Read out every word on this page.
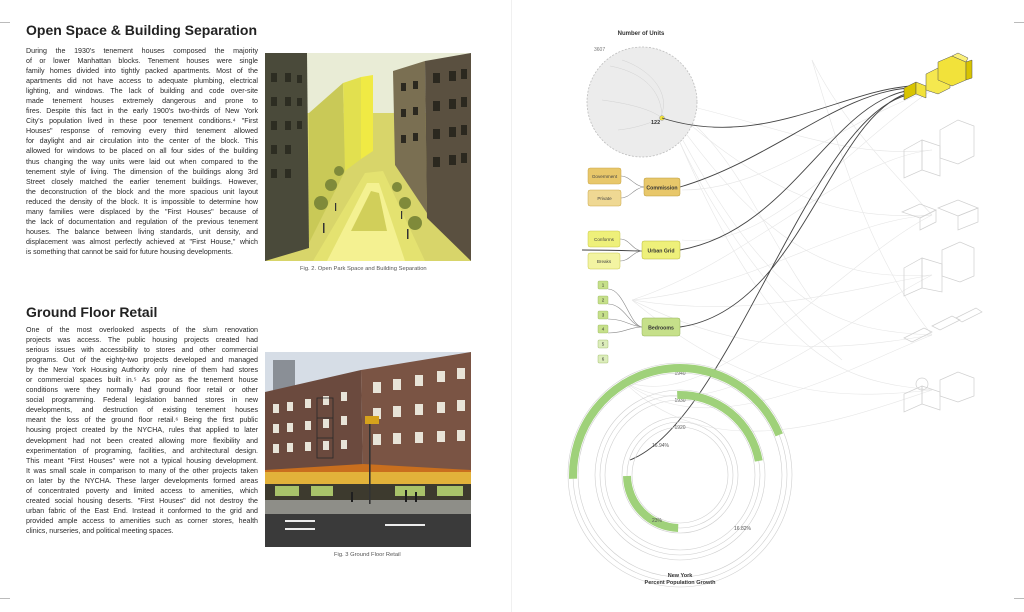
Open Space & Building Separation
During the 1930's tenement houses composed the majority
of or lower Manhattan blocks. Tenement houses were single
family homes divided into tightly packed apartments. Most of the
apartments did not have access to adequate plumbing, electrical
lighting, and windows. The lack of building and code over-site
made tenement houses extremely dangerous and prone to
fires. Despite this fact in the early 1900's two-thirds of New York
City's population lived in these poor tenement conditions.⁴ "First
Houses" response of removing every third tenement allowed
for daylight and air circulation into the center of the block. This
allowed for windows to be placed on all four sides of the building
thus changing the way units were laid out when compared to the
tenement style of living. The dimension of the buildings along 3rd
Street closely matched the earlier tenement buildings. However,
the deconstruction of the block and the more spacious unit layout
reduced the density of the block. It is impossible to determine how
many families were displaced by the "First Houses" because of
the lack of documentation and regulation of the previous tenement
houses. The balance between living standards, unit density, and
displacement was almost perfectly achieved at "First House," which
is something that cannot be said for future housing developments.
Fig. 2. Open Park Space and Building Separation
Ground Floor Retail
One of the most overlooked aspects of the slum renovation
projects was access. The public housing projects created had
serious issues with accessibility to stores and other commercial
programs. Out of the eighty-two projects developed and managed
by the New York Housing Authority only nine of them had stores
or commercial spaces built in.⁵ As poor as the tenement house
conditions were they normally had ground floor retail or other
social programming. Federal legislation banned stores in new
developments, and destruction of existing tenement houses
meant the loss of the ground floor retail.⁶ Being the first public
housing project created by the NYCHA, rules that applied to later
development had not been created allowing more flexibility and
experimentation of programing, facilities, and architectural design.
This meant "First Houses" were not a typical housing development.
It was small scale in comparison to many of the other projects taken
on later by the NYCHA. These larger developments formed areas
of concentrated poverty and limited access to amenities, which
created social housing deserts. "First Houses" did not destroy the
urban fabric of the East End. Instead it conformed to the grid and
provided ample access to amenities such as corner stores, health
clinics, nurseries, and political meeting spaces.
Fig. 3 Ground Floor Retail
Number of Units
3607
122
Government
Private
Commission
Conforms
Breaks
Urban Grid
1
2
3
4
5
6
Bedrooms
1940
1930
1920
16.94%
23%
16.82%
New York
Percent Population Growth
